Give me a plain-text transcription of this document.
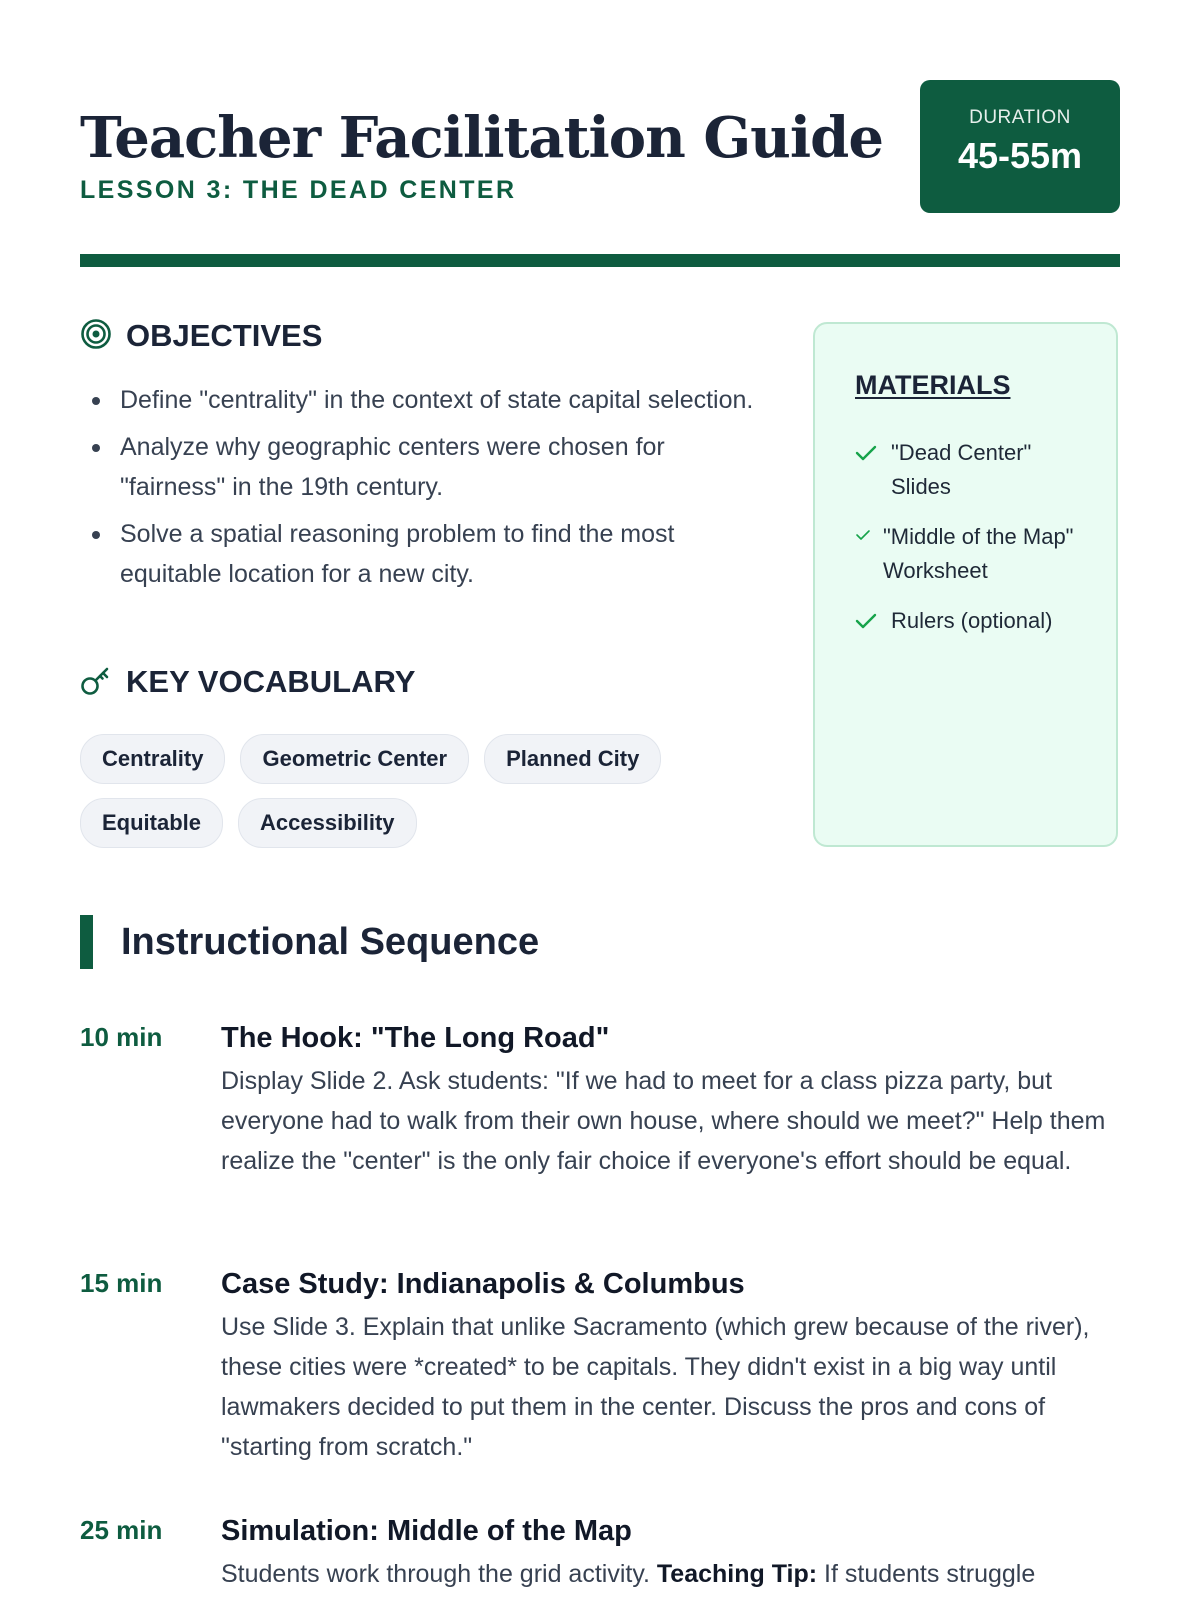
Teacher Facilitation Guide
LESSON 3: THE DEAD CENTER
DURATION
45-55m
OBJECTIVES
Define "centrality" in the context of state capital selection.
Analyze why geographic centers were chosen for "fairness" in the 19th century.
Solve a spatial reasoning problem to find the most equitable location for a new city.
KEY VOCABULARY
Centrality	Geometric Center	Planned City
Equitable	Accessibility
MATERIALS
"Dead Center" Slides
"Middle of the Map" Worksheet
Rulers (optional)
Instructional Sequence
10 min The Hook: "The Long Road"
Display Slide 2. Ask students: "If we had to meet for a class pizza party, but everyone had to walk from their own house, where should we meet?" Help them realize the "center" is the only fair choice if everyone's effort should be equal.
15 min Case Study: Indianapolis & Columbus
Use Slide 3. Explain that unlike Sacramento (which grew because of the river), these cities were *created* to be capitals. They didn't exist in a big way until lawmakers decided to put them in the center. Discuss the pros and cons of "starting from scratch."
25 min Simulation: Middle of the Map
Students work through the grid activity. Teaching Tip: If students struggle
